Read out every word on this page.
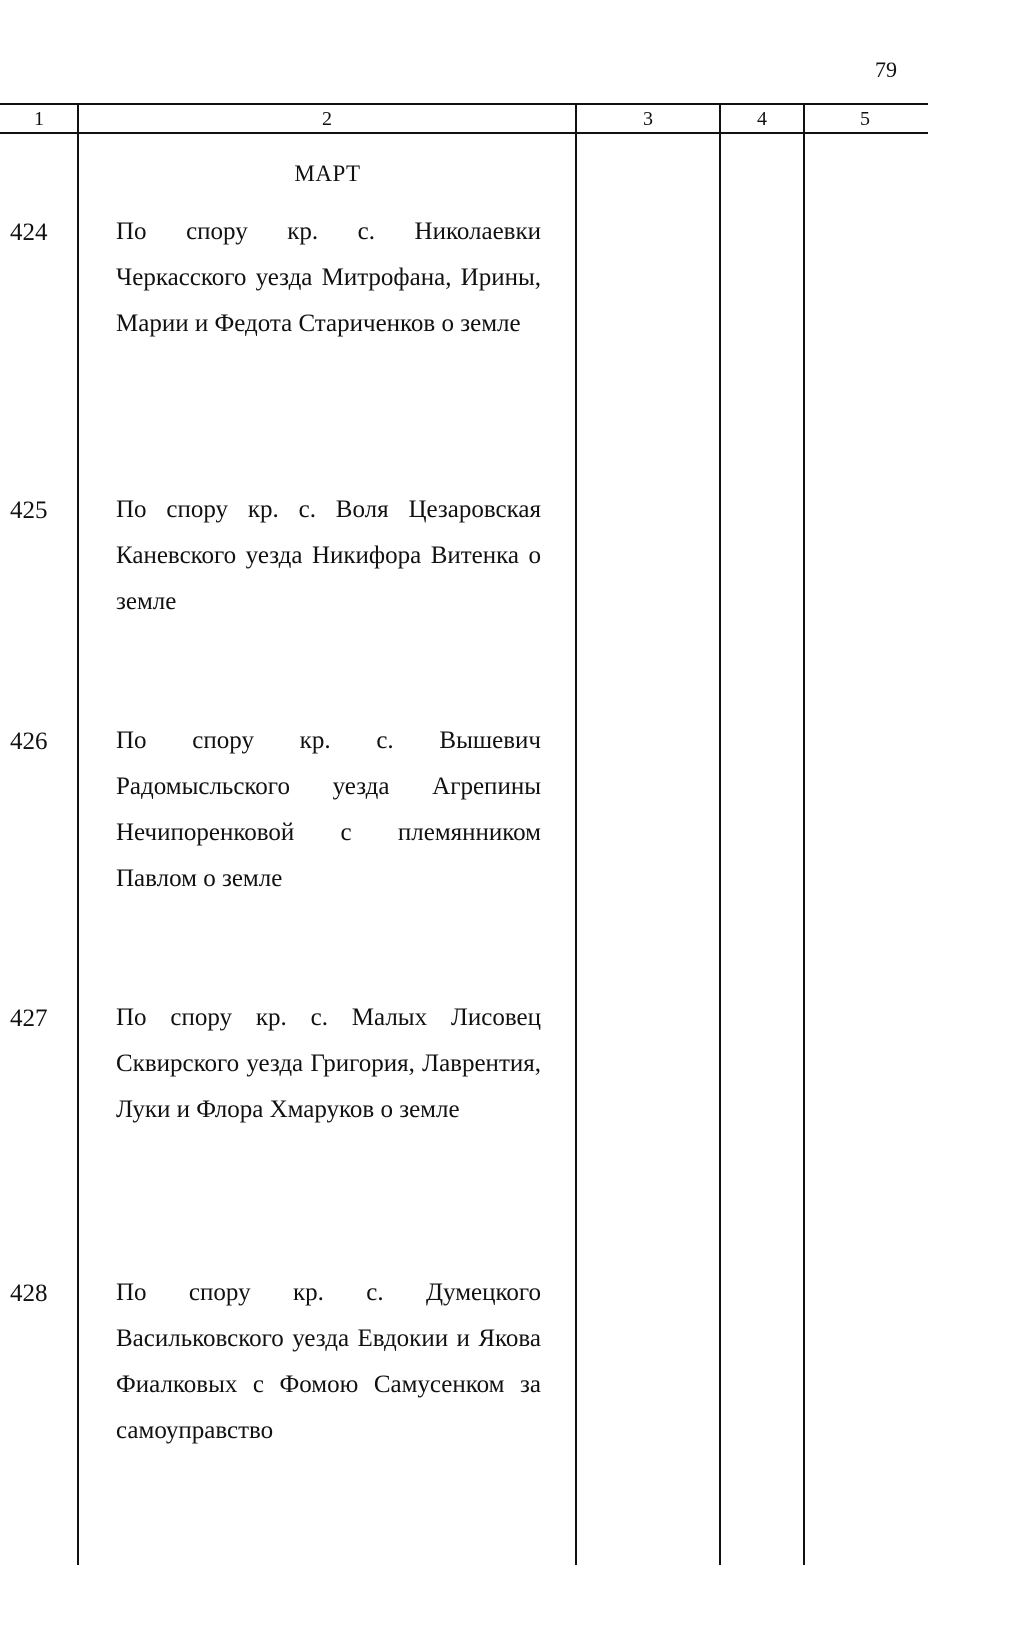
79
1	2	3	4	5
МАРТ
424	По спору кр. с. Николаевки Черкасского уезда Митрофана, Ирины, Марии и Федота Стариченков о земле
425	По спору кр. с. Воля Цезаровская Каневского уезда Никифора Витенка о земле
426	По спору кр. с. Вышевич Радомысльского уезда Агрепины Нечипоренковой с племянником Павлом о земле
427	По спору кр. с. Малых Лисовец Сквирского уезда Григория, Лаврентия, Луки и Флора Хмаруков о земле
428	По спору кр. с. Думецкого Васильковского уезда Евдокии и Якова Фиалковых с Фомою Самусенком за самоуправство
